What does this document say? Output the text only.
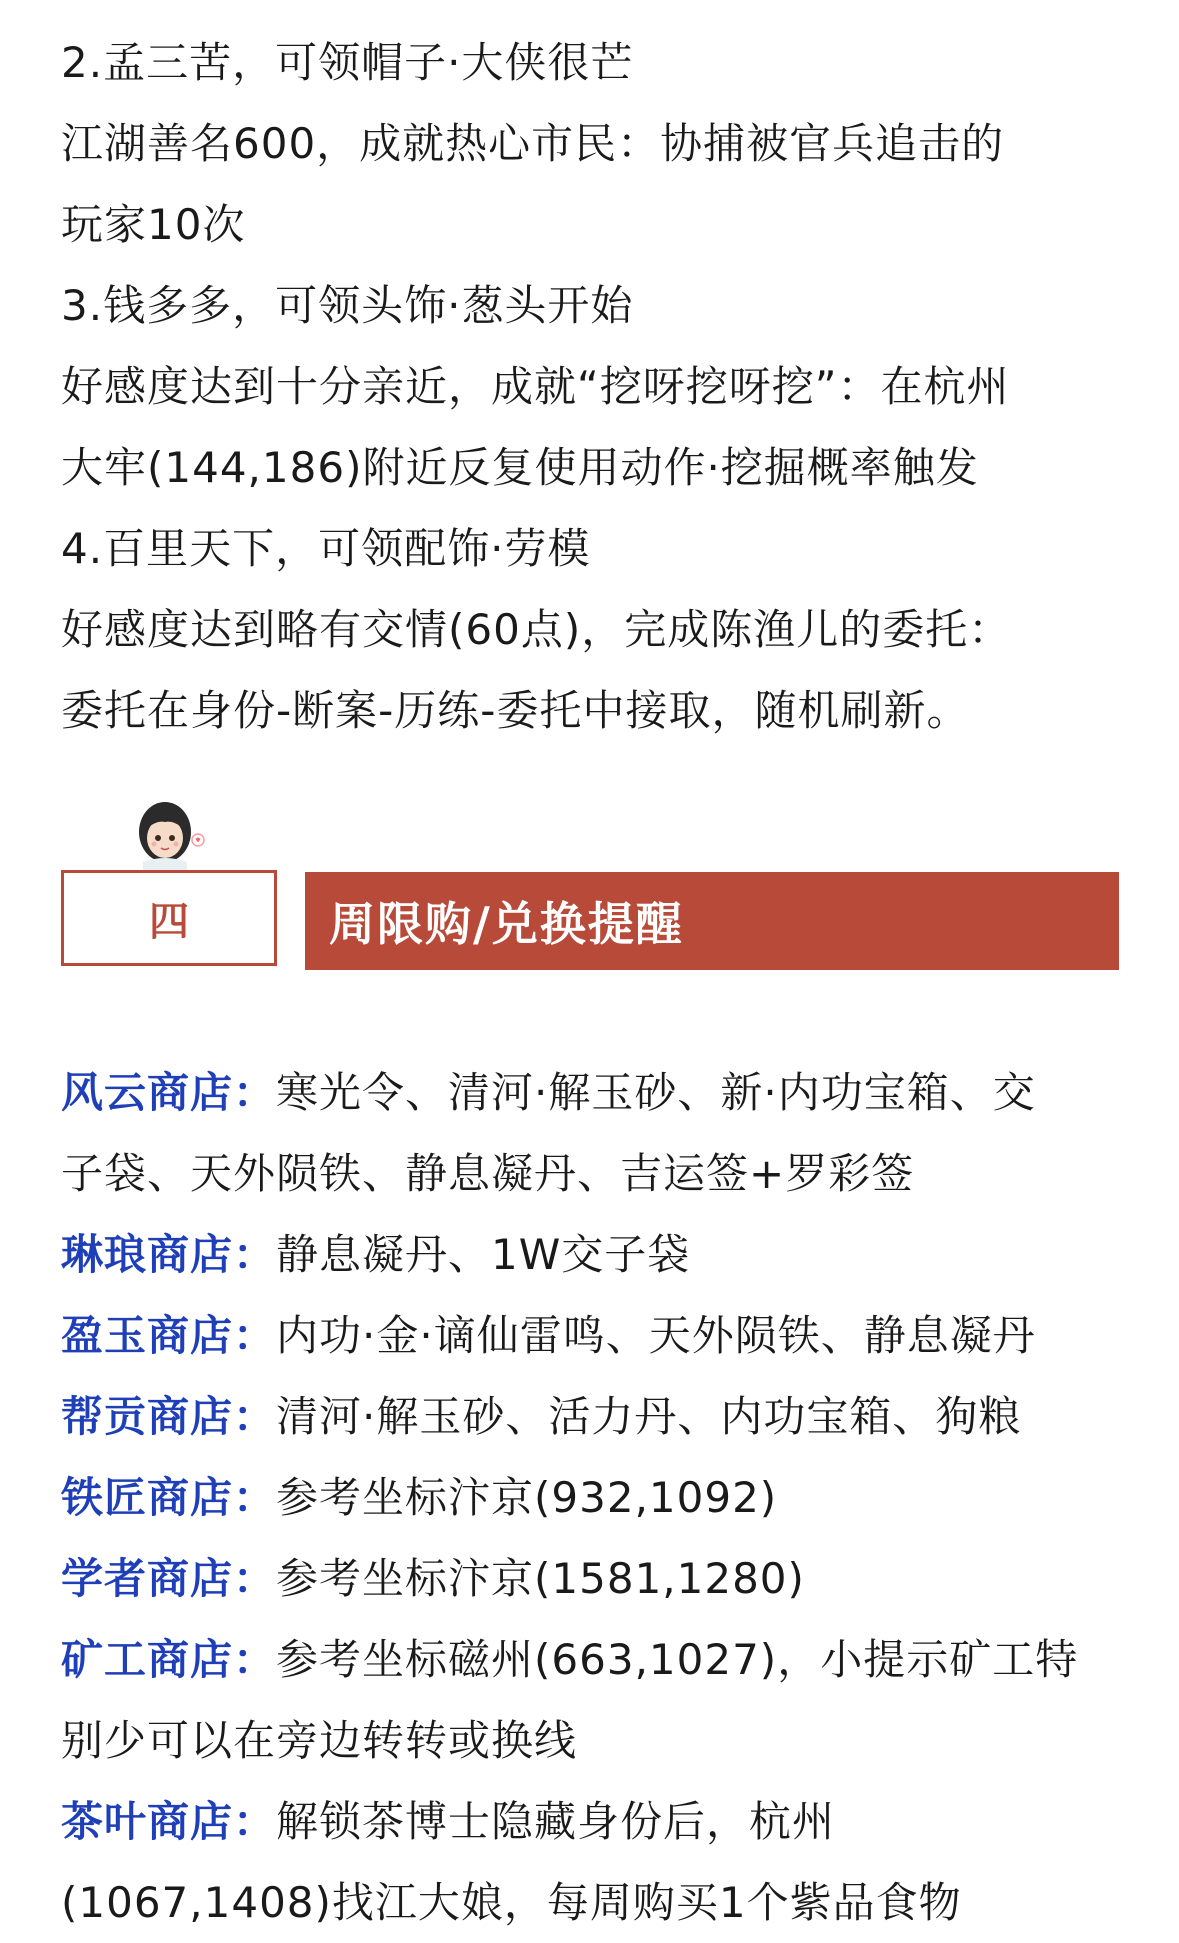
2.孟三苦，可领帽子·大侠很芒

江湖善名600，成就热心市民：协捕被官兵追击的

玩家10次

3.钱多多，可领头饰·葱头开始

好感度达到十分亲近，成就“挖呀挖呀挖”：在杭州

大牢(144,186)附近反复使用动作·挖掘概率触发

4.百里天下，可领配饰·劳模

好感度达到略有交情(60点)，完成陈渔儿的委托：

委托在身份-断案-历练-委托中接取，随机刷新。

四	周限购/兑换提醒

风云商店：寒光令、清河·解玉砂、新·内功宝箱、交

子袋、天外陨铁、静息凝丹、吉运签+罗彩签

琳琅商店：静息凝丹、1W交子袋

盈玉商店：内功·金·谪仙雷鸣、天外陨铁、静息凝丹

帮贡商店：清河·解玉砂、活力丹、内功宝箱、狗粮

铁匠商店：参考坐标汴京(932,1092)

学者商店：参考坐标汴京(1581,1280)

矿工商店：参考坐标磁州(663,1027)，小提示矿工特

别少可以在旁边转转或换线

茶叶商店：解锁茶博士隐藏身份后，杭州

(1067,1408)找江大娘，每周购买1个紫品食物
